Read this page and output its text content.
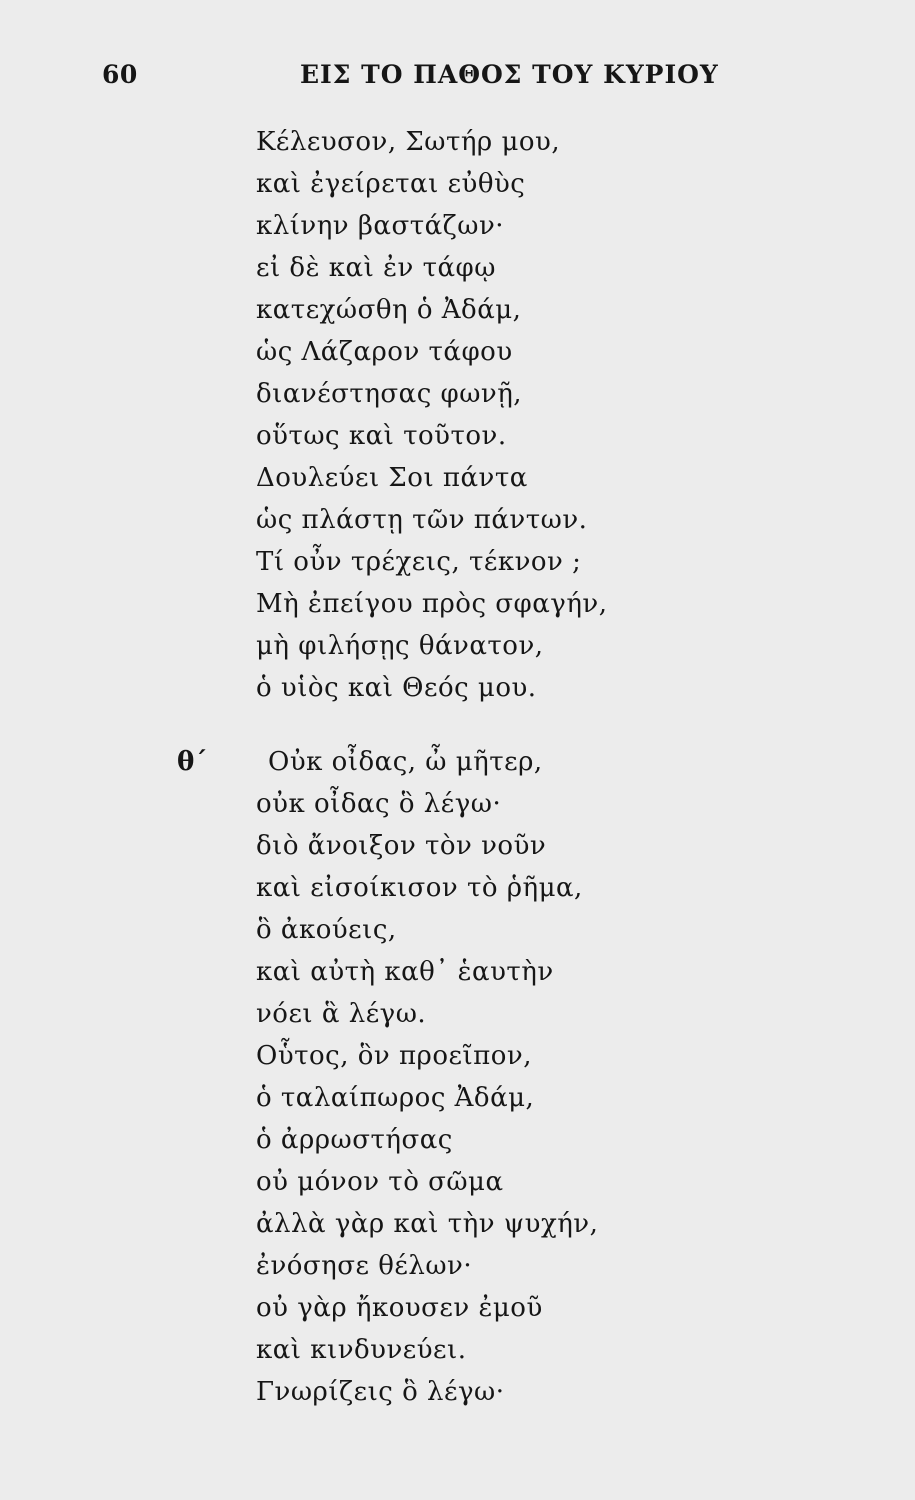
60	ΕΙΣ ΤΟ ΠΑΘΟΣ ΤΟΥ ΚΥΡΙΟΥ
Κέλευσον, Σωτήρ μου,
καὶ ἐγείρεται εὐθὺς
κλίνην βαστάζων·
εἰ δὲ καὶ ἐν τάφῳ
κατεχώσθη ὁ Ἀδάμ,
ὡς Λάζαρον τάφου
διανέστησας φωνῇ,
οὕτως καὶ τοῦτον.
Δουλεύει Σοι πάντα
ὡς πλάστῃ τῶν πάντων.
Τί οὖν τρέχεις, τέκνον ;
Μὴ ἐπείγου πρὸς σφαγήν,
μὴ φιλήσῃς θάνατον,
ὁ υἱὸς καὶ Θεός μου.
θ΄	Οὐκ οἶδας, ὦ μῆτερ,
οὐκ οἶδας ὃ λέγω·
διὸ ἄνοιξον τὸν νοῦν
καὶ εἰσοίκισον τὸ ῥῆμα,
ὃ ἀκούεις,
καὶ αὐτὴ καθ᾽ ἑαυτὴν
νόει ἃ λέγω.
Οὗτος, ὃν προεῖπον,
ὁ ταλαίπωρος Ἀδάμ,
ὁ ἀρρωστήσας
οὐ μόνον τὸ σῶμα
ἀλλὰ γὰρ καὶ τὴν ψυχήν,
ἐνόσησε θέλων·
οὐ γὰρ ἤκουσεν ἐμοῦ
καὶ κινδυνεύει.
Γνωρίζεις ὃ λέγω·
